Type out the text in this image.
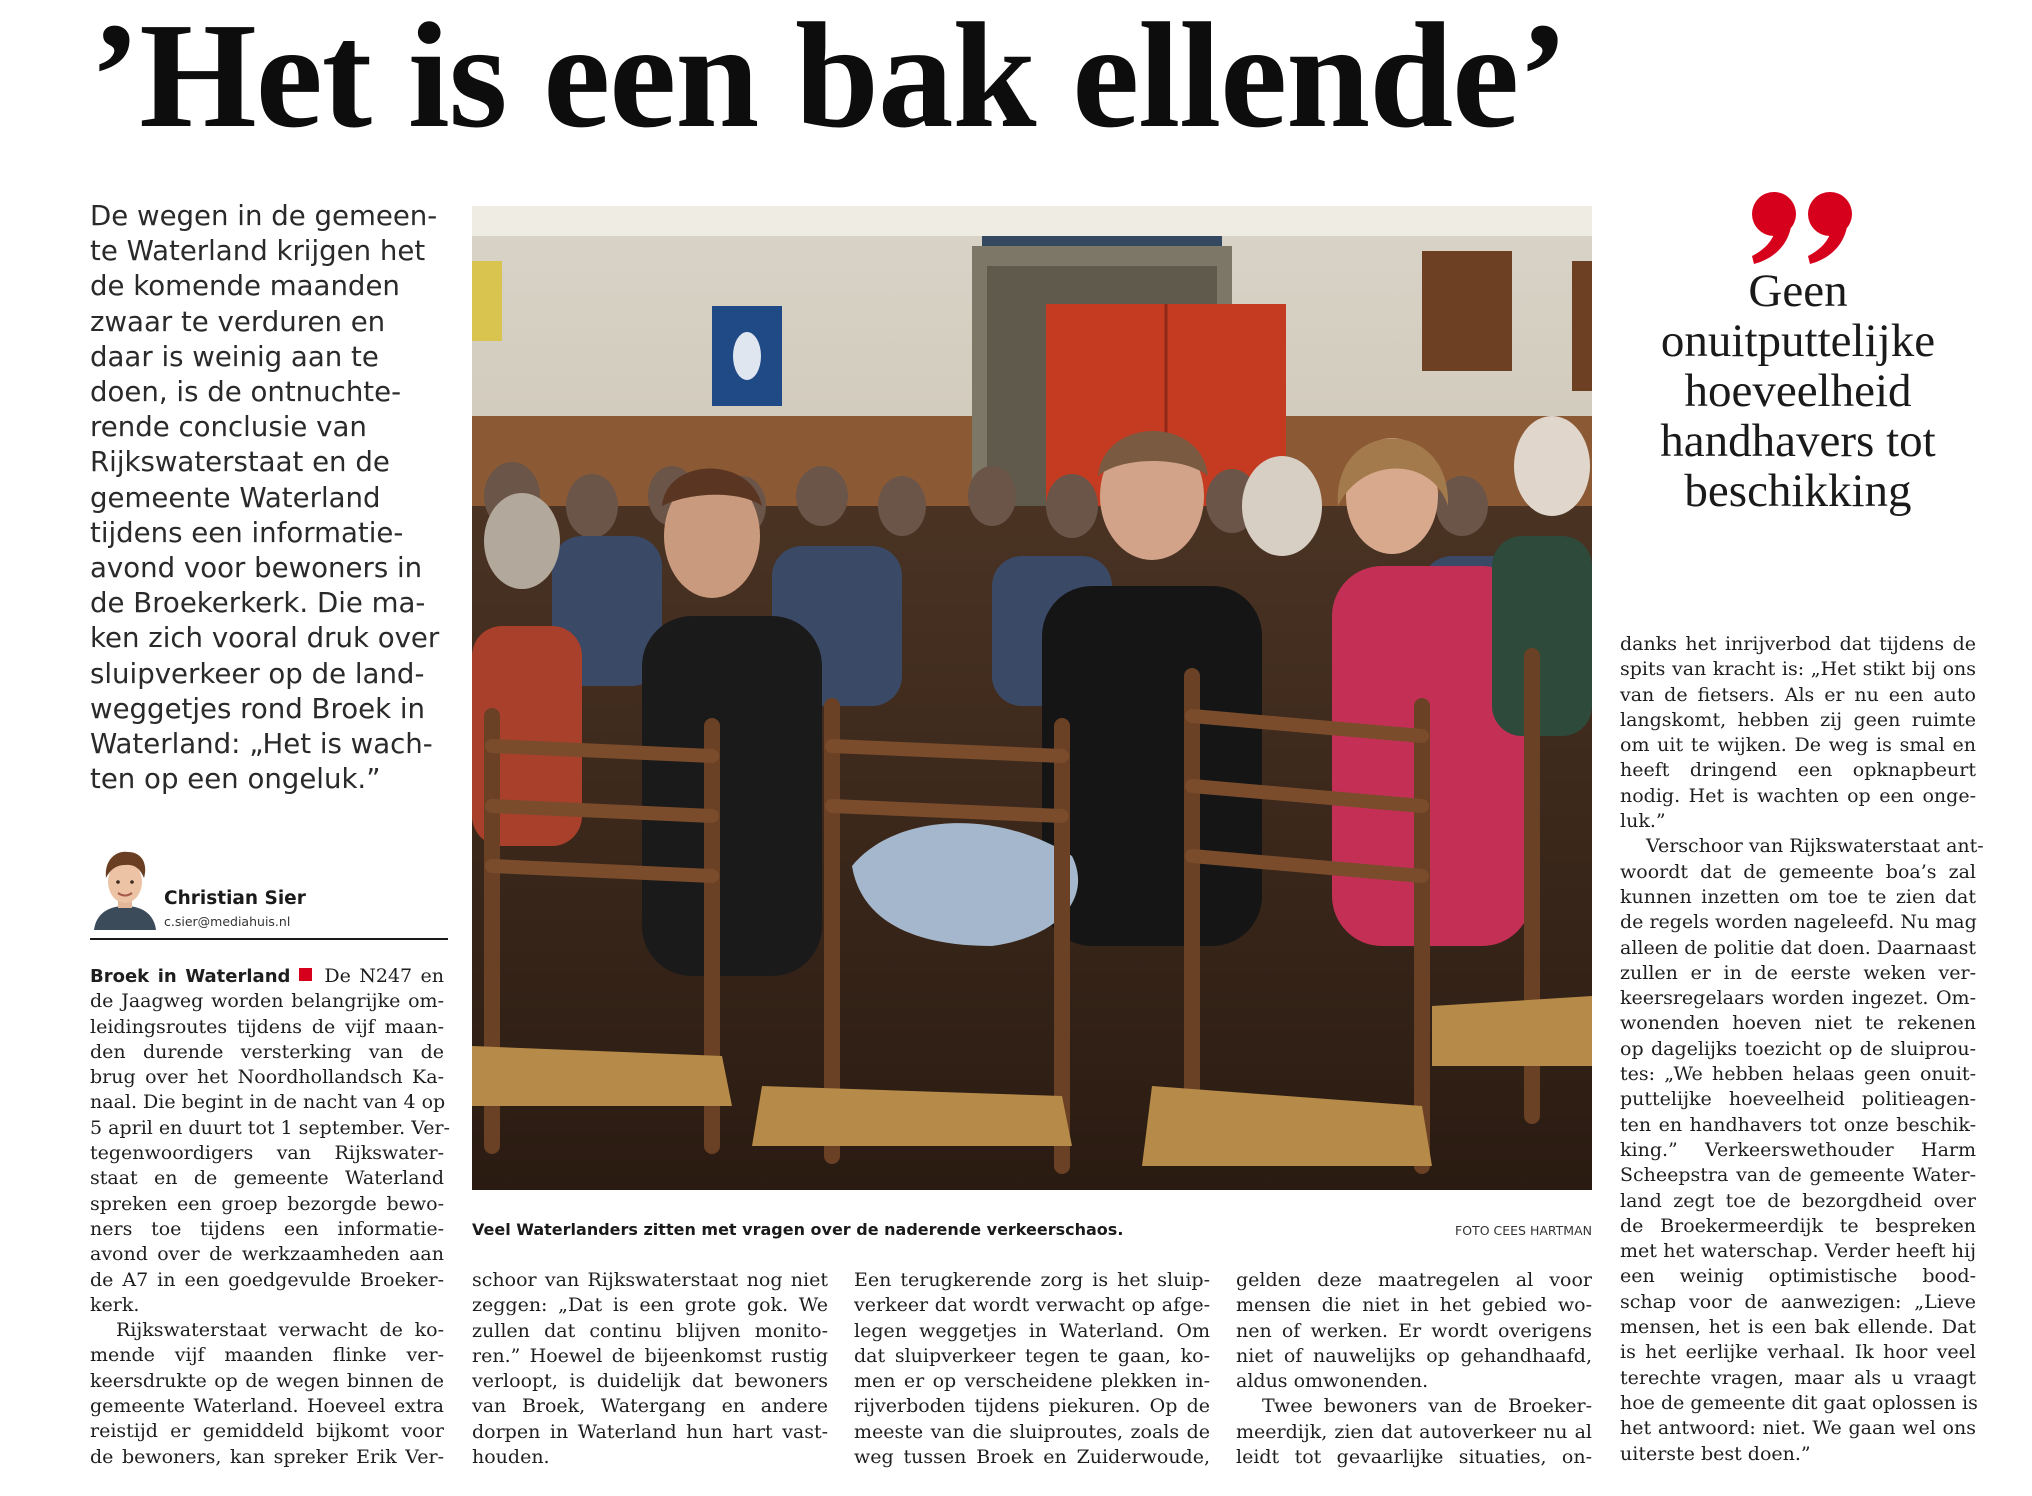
’Het is een bak ellende’
De wegen in de gemeen-
te Waterland krijgen het
de komende maanden
zwaar te verduren en
daar is weinig aan te
doen, is de ontnuchte-
rende conclusie van
Rijkswaterstaat en de
gemeente Waterland
tijdens een informatie-
avond voor bewoners in
de Broekerkerk. Die ma-
ken zich vooral druk over
sluipverkeer op de land-
weggetjes rond Broek in
Waterland: „Het is wach-
ten op een ongeluk.”
Christian Sier
c.sier@mediahuis.nl
Broek in Waterland De N247 en
de Jaagweg worden belangrijke om-
leidingsroutes tijdens de vijf maan-
den durende versterking van de
brug over het Noordhollandsch Ka-
naal. Die begint in de nacht van 4 op
5 april en duurt tot 1 september. Ver-
tegenwoordigers van Rijkswater-
staat en de gemeente Waterland
spreken een groep bezorgde bewo-
ners toe tijdens een informatie-
avond over de werkzaamheden aan
de A7 in een goedgevulde Broeker-
kerk.
Rijkswaterstaat verwacht de ko-
mende vijf maanden flinke ver-
keersdrukte op de wegen binnen de
gemeente Waterland. Hoeveel extra
reistijd er gemiddeld bijkomt voor
de bewoners, kan spreker Erik Ver-
Veel Waterlanders zitten met vragen over de naderende verkeerschaos.	FOTO CEES HARTMAN
schoor van Rijkswaterstaat nog niet
zeggen: „Dat is een grote gok. We
zullen dat continu blijven monito-
ren.” Hoewel de bijeenkomst rustig
verloopt, is duidelijk dat bewoners
van Broek, Watergang en andere
dorpen in Waterland hun hart vast-
houden.
Een terugkerende zorg is het sluip-
verkeer dat wordt verwacht op afge-
legen weggetjes in Waterland. Om
dat sluipverkeer tegen te gaan, ko-
men er op verscheidene plekken in-
rijverboden tijdens piekuren. Op de
meeste van die sluiproutes, zoals de
weg tussen Broek en Zuiderwoude,
gelden deze maatregelen al voor
mensen die niet in het gebied wo-
nen of werken. Er wordt overigens
niet of nauwelijks op gehandhaafd,
aldus omwonenden.
Twee bewoners van de Broeker-
meerdijk, zien dat autoverkeer nu al
leidt tot gevaarlijke situaties, on-
Geen
onuitputtelijke
hoeveelheid
handhavers tot
beschikking
danks het inrijverbod dat tijdens de
spits van kracht is: „Het stikt bij ons
van de fietsers. Als er nu een auto
langskomt, hebben zij geen ruimte
om uit te wijken. De weg is smal en
heeft dringend een opknapbeurt
nodig. Het is wachten op een onge-
luk.”
Verschoor van Rijkswaterstaat ant-
woordt dat de gemeente boa’s zal
kunnen inzetten om toe te zien dat
de regels worden nageleefd. Nu mag
alleen de politie dat doen. Daarnaast
zullen er in de eerste weken ver-
keersregelaars worden ingezet. Om-
wonenden hoeven niet te rekenen
op dagelijks toezicht op de sluiprou-
tes: „We hebben helaas geen onuit-
puttelijke hoeveelheid politieagen-
ten en handhavers tot onze beschik-
king.” Verkeerswethouder Harm
Scheepstra van de gemeente Water-
land zegt toe de bezorgdheid over
de Broekermeerdijk te bespreken
met het waterschap. Verder heeft hij
een weinig optimistische bood-
schap voor de aanwezigen: „Lieve
mensen, het is een bak ellende. Dat
is het eerlijke verhaal. Ik hoor veel
terechte vragen, maar als u vraagt
hoe de gemeente dit gaat oplossen is
het antwoord: niet. We gaan wel ons
uiterste best doen.”
